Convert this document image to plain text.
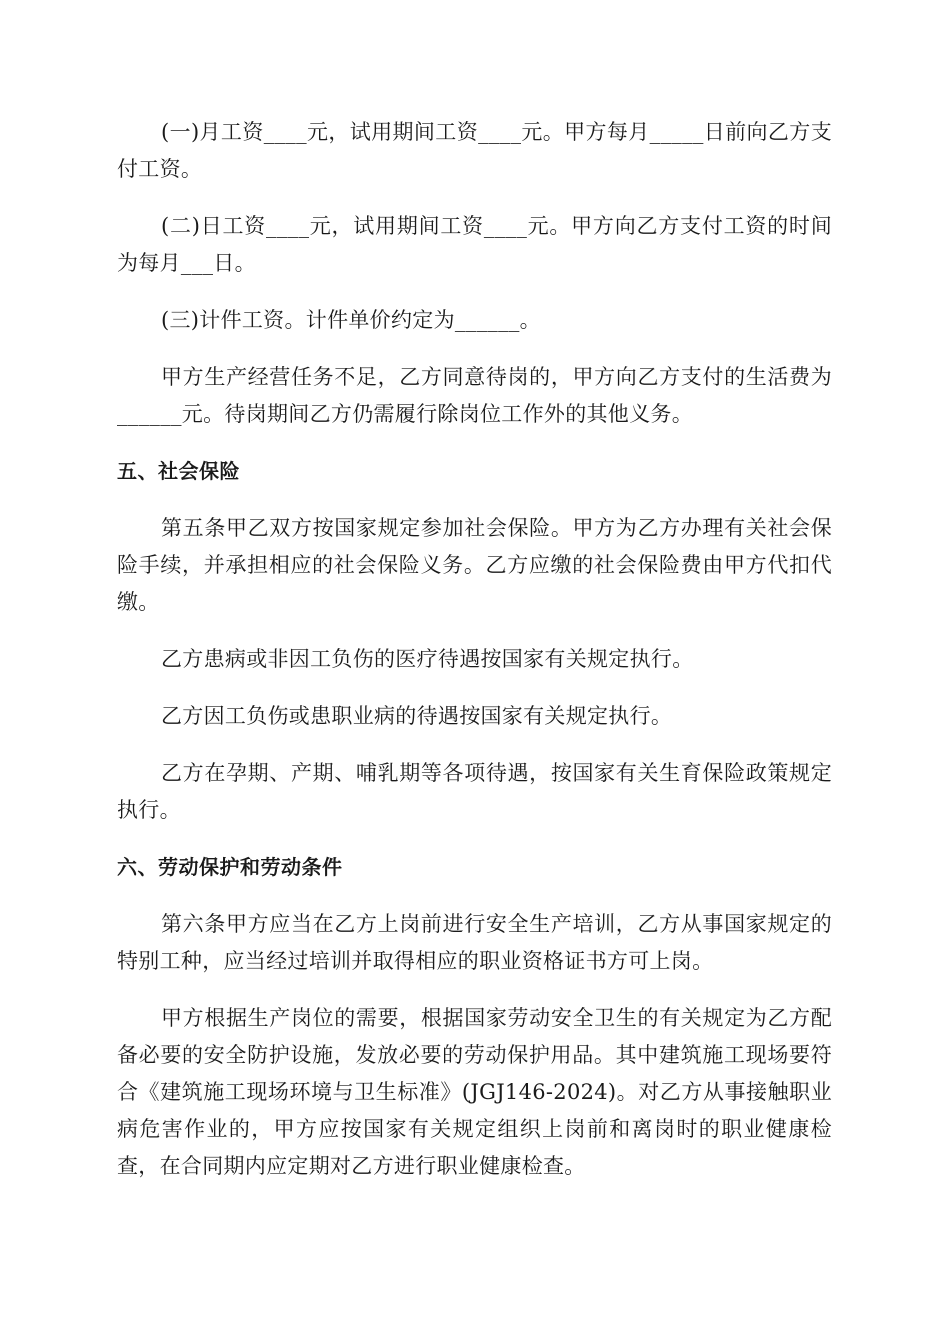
(一)月工资____元，试用期间工资____元。甲方每月_____日前向乙方支付工资。

(二)日工资____元，试用期间工资____元。甲方向乙方支付工资的时间为每月___日。

(三)计件工资。计件单价约定为______。

甲方生产经营任务不足，乙方同意待岗的，甲方向乙方支付的生活费为______元。待岗期间乙方仍需履行除岗位工作外的其他义务。

五、社会保险

第五条甲乙双方按国家规定参加社会保险。甲方为乙方办理有关社会保险手续，并承担相应的社会保险义务。乙方应缴的社会保险费由甲方代扣代缴。

乙方患病或非因工负伤的医疗待遇按国家有关规定执行。

乙方因工负伤或患职业病的待遇按国家有关规定执行。

乙方在孕期、产期、哺乳期等各项待遇，按国家有关生育保险政策规定执行。

六、劳动保护和劳动条件

第六条甲方应当在乙方上岗前进行安全生产培训，乙方从事国家规定的特别工种，应当经过培训并取得相应的职业资格证书方可上岗。

甲方根据生产岗位的需要，根据国家劳动安全卫生的有关规定为乙方配备必要的安全防护设施，发放必要的劳动保护用品。其中建筑施工现场要符合《建筑施工现场环境与卫生标准》(JGJ146-2024)。对乙方从事接触职业病危害作业的，甲方应按国家有关规定组织上岗前和离岗时的职业健康检查，在合同期内应定期对乙方进行职业健康检查。
